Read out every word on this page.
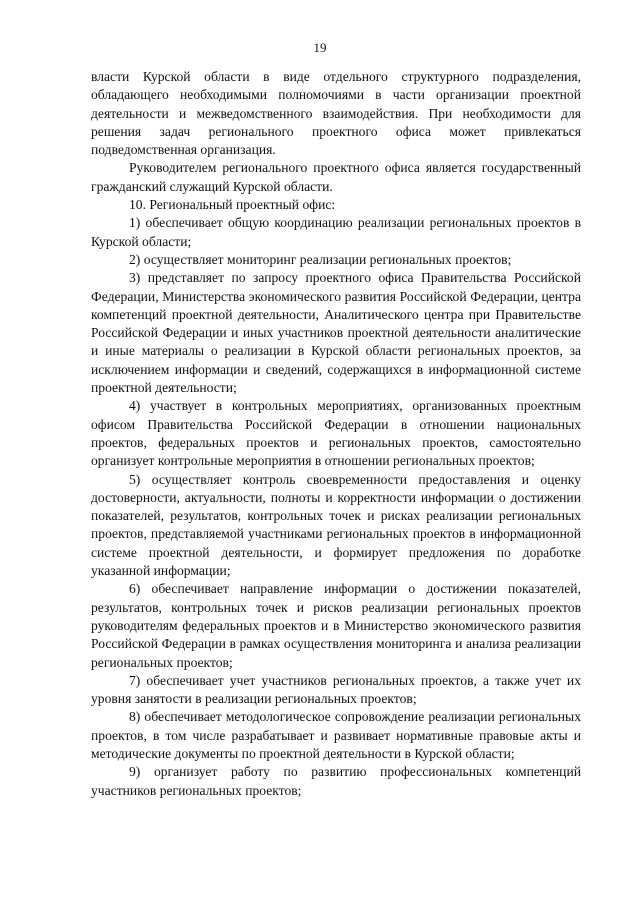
19

власти Курской области в виде отдельного структурного подразделения, обладающего необходимыми полномочиями в части организации проектной деятельности и межведомственного взаимодействия. При необходимости для решения задач регионального проектного офиса может привлекаться подведомственная организация.

Руководителем регионального проектного офиса является государственный гражданский служащий Курской области.

10. Региональный проектный офис:

1) обеспечивает общую координацию реализации региональных проектов в Курской области;

2) осуществляет мониторинг реализации региональных проектов;

3) представляет по запросу проектного офиса Правительства Российской Федерации, Министерства экономического развития Российской Федерации, центра компетенций проектной деятельности, Аналитического центра при Правительстве Российской Федерации и иных участников проектной деятельности аналитические и иные материалы о реализации в Курской области региональных проектов, за исключением информации и сведений, содержащихся в информационной системе проектной деятельности;

4) участвует в контрольных мероприятиях, организованных проектным офисом Правительства Российской Федерации в отношении национальных проектов, федеральных проектов и региональных проектов, самостоятельно организует контрольные мероприятия в отношении региональных проектов;

5) осуществляет контроль своевременности предоставления и оценку достоверности, актуальности, полноты и корректности информации о достижении показателей, результатов, контрольных точек и рисках реализации региональных проектов, представляемой участниками региональных проектов в информационной системе проектной деятельности, и формирует предложения по доработке указанной информации;

6) обеспечивает направление информации о достижении показателей, результатов, контрольных точек и рисков реализации региональных проектов руководителям федеральных проектов и в Министерство экономического развития Российской Федерации в рамках осуществления мониторинга и анализа реализации региональных проектов;

7) обеспечивает учет участников региональных проектов, а также учет их уровня занятости в реализации региональных проектов;

8) обеспечивает методологическое сопровождение реализации региональных проектов, в том числе разрабатывает и развивает нормативные правовые акты и методические документы по проектной деятельности в Курской области;

9) организует работу по развитию профессиональных компетенций участников региональных проектов;
